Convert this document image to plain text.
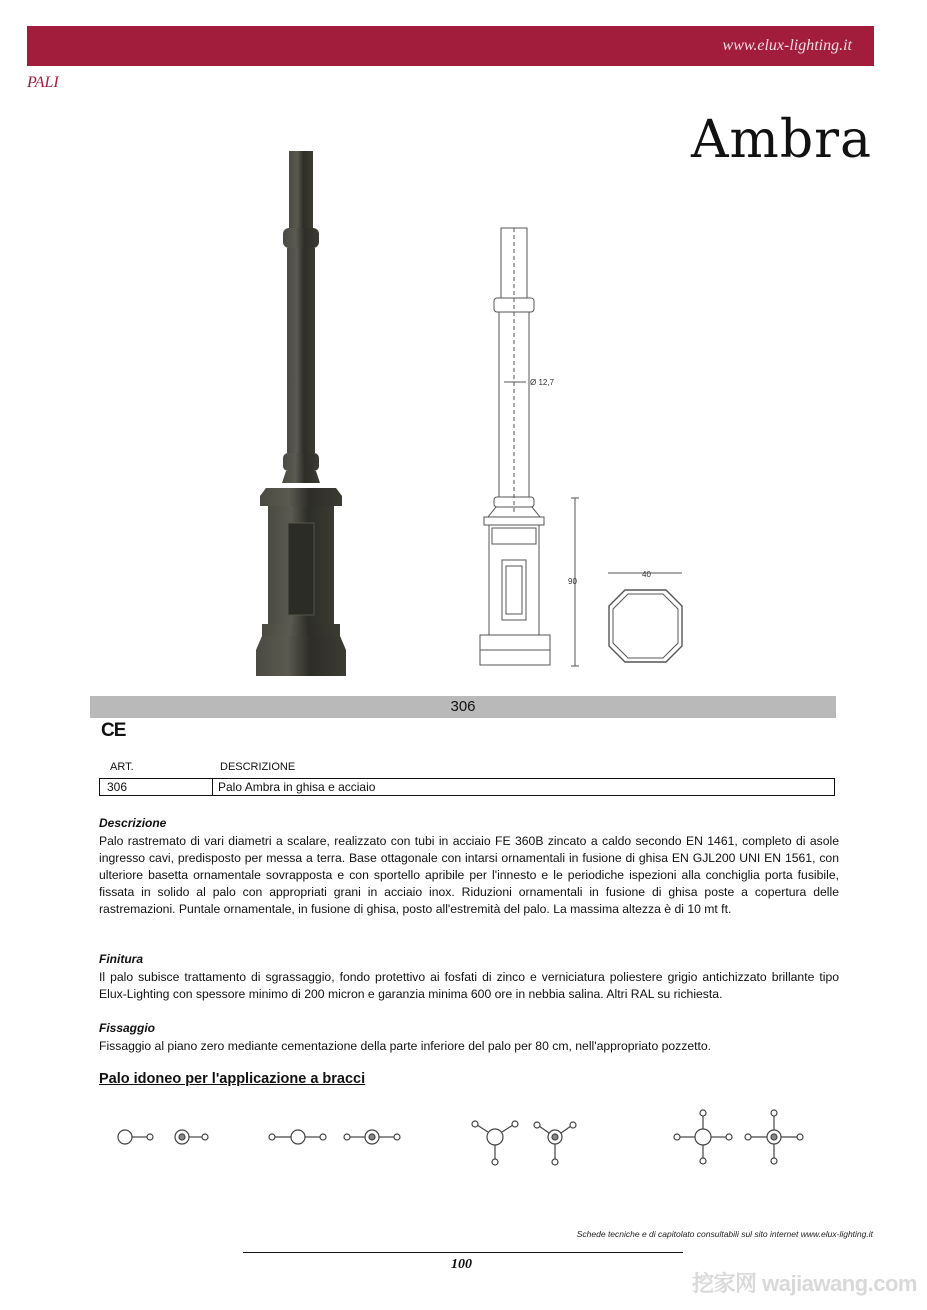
www.elux-lighting.it
PALI
Ambra
Ø 12,7
90
40
306
CE
ART.	DESCRIZIONE
306	Palo Ambra in ghisa e acciaio
Descrizione

Palo rastremato di vari diametri a scalare, realizzato con tubi in acciaio FE 360B zincato a caldo secondo EN 1461, completo di asole ingresso cavi, predisposto per messa a terra. Base ottagonale con intarsi ornamentali in fusione di ghisa EN GJL200 UNI EN 1561, con ulteriore basetta ornamentale sovrapposta e con sportello apribile per l'innesto e le periodiche ispezioni alla conchiglia porta fusibile, fissata in solido al palo con appropriati grani in acciaio inox. Riduzioni ornamentali in fusione di ghisa poste a copertura delle rastremazioni. Puntale ornamentale, in fusione di ghisa, posto all'estremità del palo. La massima altezza è di 10 mt ft.

Finitura

Il palo subisce trattamento di sgrassaggio, fondo protettivo ai fosfati di zinco e verniciatura poliestere grigio antichizzato brillante tipo Elux-Lighting con spessore minimo di 200 micron e garanzia minima 600 ore in nebbia salina. Altri RAL su richiesta.

Fissaggio

Fissaggio al piano zero mediante cementazione della parte inferiore del palo per 80 cm, nell'appropriato pozzetto.

Palo idoneo per l'applicazione a bracci
Schede tecniche e di capitolato consultabili sul sito internet www.elux-lighting.it
100
挖家网 wajiawang.com
